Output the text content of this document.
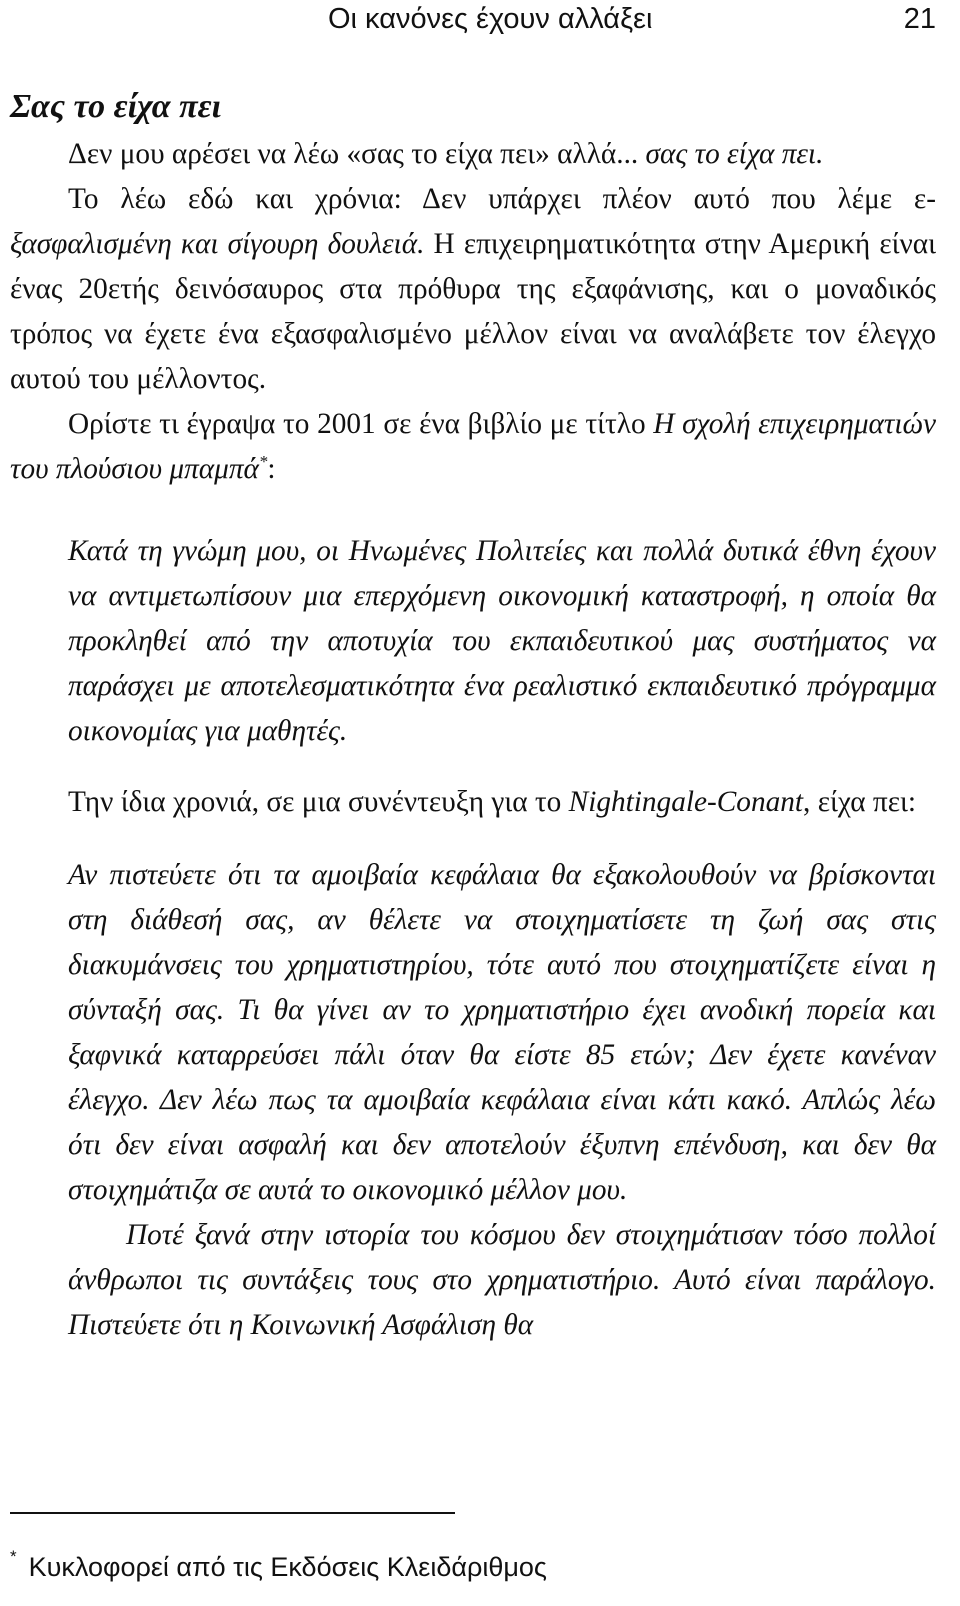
Οι κανόνες έχουν αλλάξει	21
Σας το είχα πει

Δεν μου αρέσει να λέω «σας το είχα πει» αλλά... σας το είχα πει.

Το λέω εδώ και χρόνια: Δεν υπάρχει πλέον αυτό που λέμε ε-ξασφαλισμένη και σίγουρη δουλειά. Η επιχειρηματικότητα στην Αμερική είναι ένας 20ετής δεινόσαυρος στα πρόθυρα της εξαφάνισης, και ο μοναδικός τρόπος να έχετε ένα εξασφαλισμένο μέλλον είναι να αναλάβετε τον έλεγχο αυτού του μέλλοντος.

Ορίστε τι έγραψα το 2001 σε ένα βιβλίο με τίτλο Η σχολή επιχειρηματιών του πλούσιου μπαμπά*:

Κατά τη γνώμη μου, οι Ηνωμένες Πολιτείες και πολλά δυτικά έθνη έχουν να αντιμετωπίσουν μια επερχόμενη οικονομική καταστροφή, η οποία θα προκληθεί από την αποτυχία του εκπαιδευτικού μας συστήματος να παράσχει με αποτελεσματικότητα ένα ρεαλιστικό εκπαιδευτικό πρόγραμμα οικονομίας για μαθητές.

Την ίδια χρονιά, σε μια συνέντευξη για το Nightingale-Conant, είχα πει:

Αν πιστεύετε ότι τα αμοιβαία κεφάλαια θα εξακολουθούν να βρίσκονται στη διάθεσή σας, αν θέλετε να στοιχηματίσετε τη ζωή σας στις διακυμάνσεις του χρηματιστηρίου, τότε αυτό που στοιχηματίζετε είναι η σύνταξή σας. Τι θα γίνει αν το χρηματιστήριο έχει ανοδική πορεία και ξαφνικά καταρρεύσει πάλι όταν θα είστε 85 ετών; Δεν έχετε κανέναν έλεγχο. Δεν λέω πως τα αμοιβαία κεφάλαια είναι κάτι κακό. Απλώς λέω ότι δεν είναι ασφαλή και δεν αποτελούν έξυπνη επένδυση, και δεν θα στοιχημάτιζα σε αυτά το οικονομικό μέλλον μου.

Ποτέ ξανά στην ιστορία του κόσμου δεν στοιχημάτισαν τόσο πολλοί άνθρωποι τις συντάξεις τους στο χρηματιστήριο. Αυτό είναι παράλογο. Πιστεύετε ότι η Κοινωνική Ασφάλιση θα

* Κυκλοφορεί από τις Εκδόσεις Κλειδάριθμος
